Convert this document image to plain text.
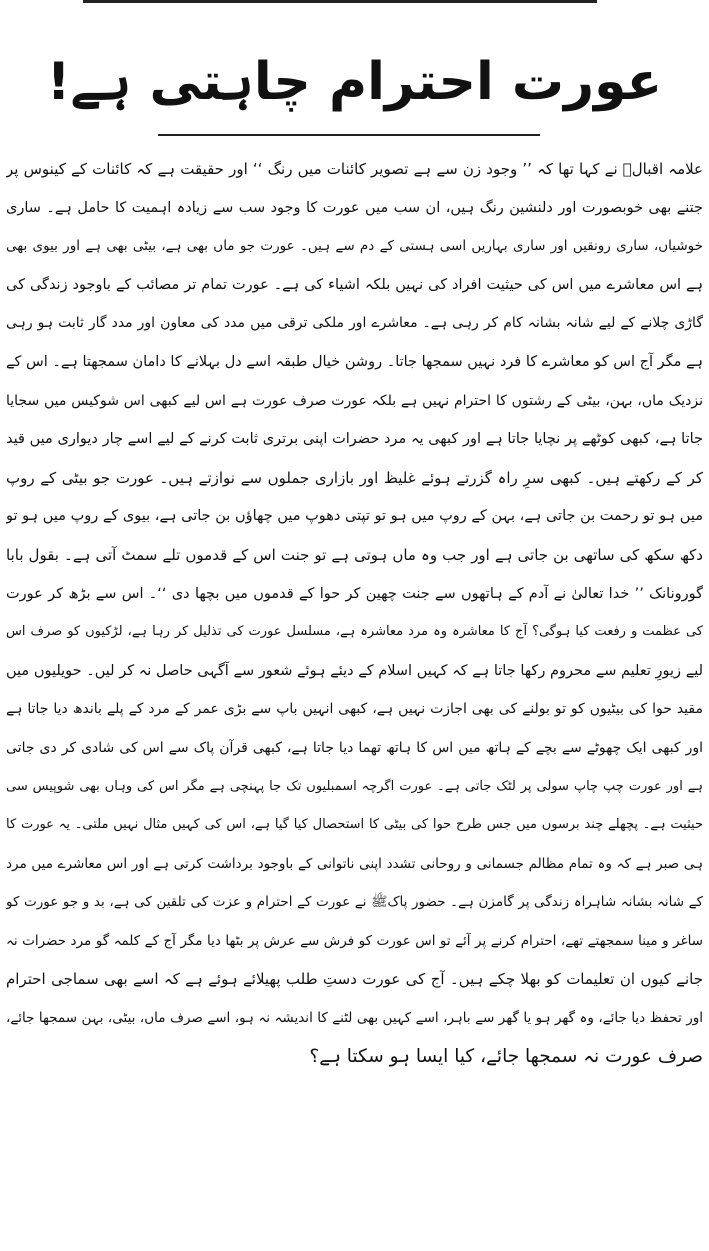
عورت احترام چاہتی ہے!
علامہ اقبالؒ نے کہا تھا کہ ’’ وجود زن سے ہے تصویر کائنات میں رنگ ‘‘ اور حقیقت ہے کہ کائنات کے کینوس پر
جتنے بھی خوبصورت اور دلنشین رنگ ہیں، ان سب میں عورت کا وجود سب سے زیادہ اہمیت کا حامل ہے۔ ساری
خوشیاں، ساری رونقیں اور ساری بہاریں اسی ہستی کے دم سے ہیں۔ عورت جو ماں بھی ہے، بیٹی بھی ہے اور بیوی بھی
ہے اس معاشرے میں اس کی حیثیت افراد کی نہیں بلکہ اشیاء کی ہے۔ عورت تمام تر مصائب کے باوجود زندگی کی
گاڑی چلانے کے لیے شانہ بشانہ کام کر رہی ہے۔ معاشرے اور ملکی ترقی میں مدد کی معاون اور مدد گار ثابت ہو رہی
ہے مگر آج اس کو معاشرے کا فرد نہیں سمجھا جاتا۔ روشن خیال طبقہ اسے دل بہلانے کا دامان سمجھتا ہے۔ اس کے
نزدیک ماں، بہن، بیٹی کے رشتوں کا احترام نہیں ہے بلکہ عورت صرف عورت ہے اس لیے کبھی اس شوکیس میں سجایا
جاتا ہے، کبھی کوٹھے پر نچایا جاتا ہے اور کبھی یہ مرد حضرات اپنی برتری ثابت کرنے کے لیے اسے چار دیواری میں قید
کر کے رکھتے ہیں۔ کبھی سرِ راہ گزرتے ہوئے غلیظ اور بازاری جملوں سے نوازتے ہیں۔ عورت جو بیٹی کے روپ
میں ہو تو رحمت بن جاتی ہے، بہن کے روپ میں ہو تو تپتی دھوپ میں چھاؤں بن جاتی ہے، بیوی کے روپ میں ہو تو
دکھ سکھ کی ساتھی بن جاتی ہے اور جب وہ ماں ہوتی ہے تو جنت اس کے قدموں تلے سمٹ آتی ہے۔ بقول بابا
گورونانک ’’ خدا تعالیٰ نے آدم کے ہاتھوں سے جنت چھین کر حوا کے قدموں میں بچھا دی ‘‘۔ اس سے بڑھ کر عورت
کی عظمت و رفعت کیا ہوگی؟ آج کا معاشرہ وہ مرد معاشرہ ہے، مسلسل عورت کی تذلیل کر رہا ہے، لڑکیوں کو صرف اس
لیے زیورِ تعلیم سے محروم رکھا جاتا ہے کہ کہیں اسلام کے دیئے ہوئے شعور سے آگہی حاصل نہ کر لیں۔ حویلیوں میں
مقید حوا کی بیٹیوں کو تو بولنے کی بھی اجازت نہیں ہے، کبھی انہیں باپ سے بڑی عمر کے مرد کے پلے باندھ دیا جاتا ہے
اور کبھی ایک چھوٹے سے بچے کے ہاتھ میں اس کا ہاتھ تھما دیا جاتا ہے، کبھی قرآن پاک سے اس کی شادی کر دی جاتی
ہے اور عورت چپ چاپ سولی پر لٹک جاتی ہے۔ عورت اگرچہ اسمبلیوں تک جا پہنچی ہے مگر اس کی وہاں بھی شوپیس سی
حیثیت ہے۔ پچھلے چند برسوں میں جس طرح حوا کی بیٹی کا استحصال کیا گیا ہے، اس کی کہیں مثال نہیں ملتی۔ یہ عورت کا
ہی صبر ہے کہ وہ تمام مظالم جسمانی و روحانی تشدد اپنی ناتوانی کے باوجود برداشت کرتی ہے اور اس معاشرے میں مرد
کے شانہ بشانہ شاہراہ زندگی پر گامزن ہے۔ حضور پاکﷺ نے عورت کے احترام و عزت کی تلقین کی ہے، بد و جو عورت کو
ساغر و مینا سمجھتے تھے، احترام کرنے پر آئے تو اس عورت کو فرش سے عرش پر بٹھا دیا مگر آج کے کلمہ گو مرد حضرات نہ
جانے کیوں ان تعلیمات کو بھلا چکے ہیں۔ آج کی عورت دستِ طلب پھیلائے ہوئے ہے کہ اسے بھی سماجی احترام
اور تحفظ دیا جائے، وہ گھر ہو یا گھر سے باہر، اسے کہیں بھی لٹنے کا اندیشہ نہ ہو، اسے صرف ماں، بیٹی، بہن سمجھا جائے،
صرف عورت نہ سمجھا جائے، کیا ایسا ہو سکتا ہے؟
